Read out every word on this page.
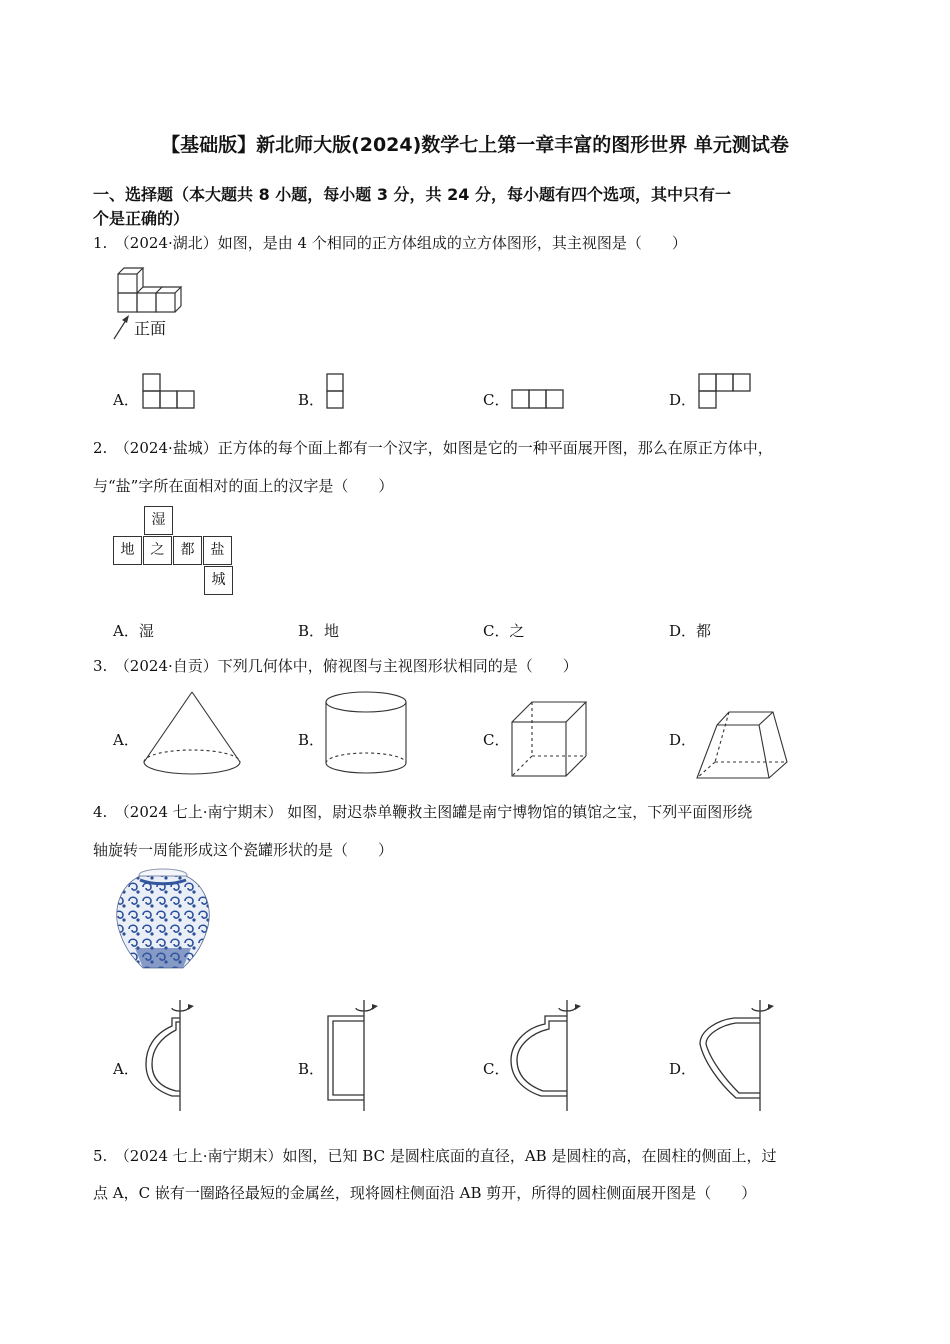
【基础版】新北师大版(2024)数学七上第一章丰富的图形世界 单元测试卷
一、选择题（本大题共 8 小题，每小题 3 分，共 24 分，每小题有四个选项，其中只有一
个是正确的）
1.　（2024·湖北）如图，是由 4 个相同的正方体组成的立方体图形，其主视图是（　　）
正面
A．	B．	C．	D．
2.　（2024·盐城）正方体的每个面上都有一个汉字，如图是它的一种平面展开图，那么在原正方体中，
与“盐”字所在面相对的面上的汉字是（　　）
湿
地	之	都	盐
城
A．湿	B．地	C．之	D．都
3.　（2024·自贡）下列几何体中，俯视图与主视图形状相同的是（　　）
A．	B．	C．	D．
4.　（2024 七上·南宁期末） 如图，尉迟恭单鞭救主图罐是南宁博物馆的镇馆之宝，下列平面图形绕
轴旋转一周能形成这个瓷罐形状的是（　　）
A．	B．	C．	D．
5.　（2024 七上·南宁期末）如图，已知 BC 是圆柱底面的直径，AB 是圆柱的高，在圆柱的侧面上，过
点 A，C 嵌有一圈路径最短的金属丝，现将圆柱侧面沿 AB 剪开，所得的圆柱侧面展开图是（　　）
